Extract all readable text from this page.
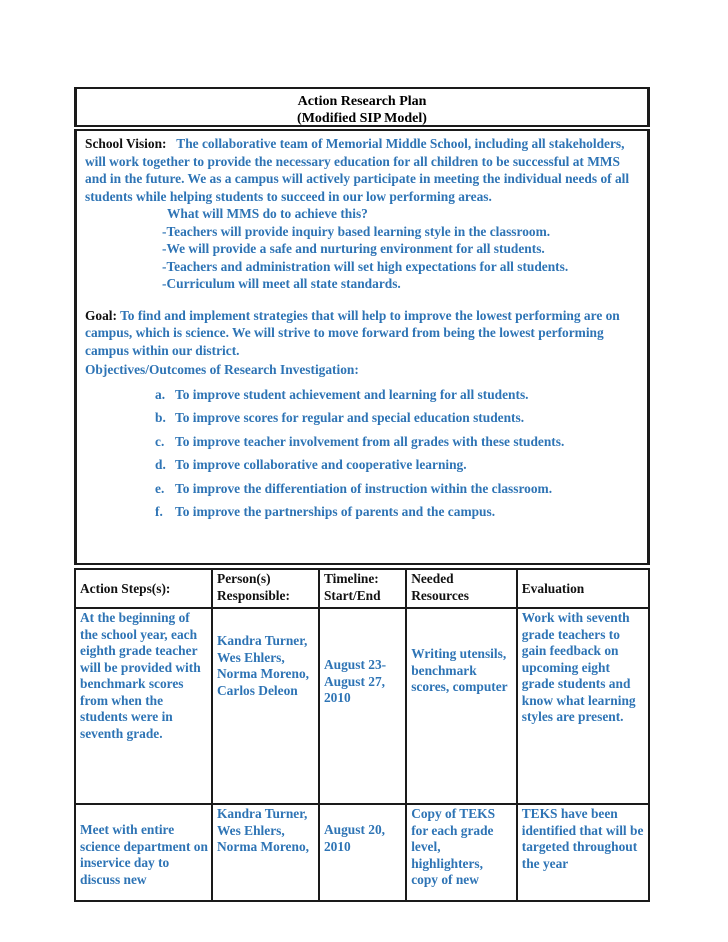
Action Research Plan
(Modified SIP Model)

School Vision: The collaborative team of Memorial Middle School, including all stakeholders, will work together to provide the necessary education for all children to be successful at MMS and in the future. We as a campus will actively participate in meeting the individual needs of all students while helping students to succeed in our low performing areas.

What will MMS do to achieve this?

-Teachers will provide inquiry based learning style in the classroom.

-We will provide a safe and nurturing environment for all students.

-Teachers and administration will set high expectations for all students.

-Curriculum will meet all state standards.

Goal: To find and implement strategies that will help to improve the lowest performing are on campus, which is science. We will strive to move forward from being the lowest performing campus within our district.

Objectives/Outcomes of Research Investigation:

a. To improve student achievement and learning for all students.
b. To improve scores for regular and special education students.
c. To improve teacher involvement from all grades with these students.
d. To improve collaborative and cooperative learning.
e. To improve the differentiation of instruction within the classroom.
f. To improve the partnerships of parents and the campus.
Action Steps(s):	Person(s) Responsible:	Timeline: Start/End	Needed Resources	Evaluation
At the beginning of the school year, each eighth grade teacher will be provided with benchmark scores from when the students were in seventh grade.	Kandra Turner, Wes Ehlers, Norma Moreno, Carlos Deleon	August 23-August 27, 2010	Writing utensils, benchmark scores, computer	Work with seventh grade teachers to gain feedback on upcoming eight grade students and know what learning styles are present.
Meet with entire science department on inservice day to discuss new	Kandra Turner, Wes Ehlers, Norma Moreno,	August 20, 2010	Copy of TEKS for each grade level, highlighters, copy of new	TEKS have been identified that will be targeted throughout the year
